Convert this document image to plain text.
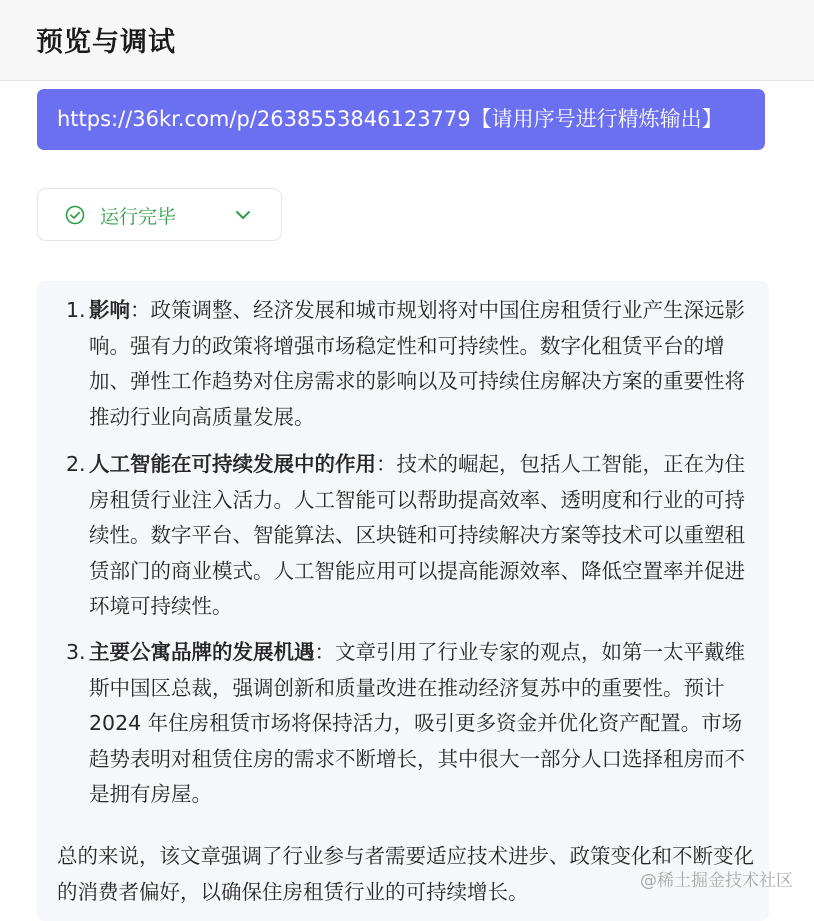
预览与调试
https://36kr.com/p/2638553846123779【请用序号进行精炼输出】
运行完毕
1. 影响：政策调整、经济发展和城市规划将对中国住房租赁行业产生深远影响。强有力的政策将增强市场稳定性和可持续性。数字化租赁平台的增加、弹性工作趋势对住房需求的影响以及可持续住房解决方案的重要性将推动行业向高质量发展。
2. 人工智能在可持续发展中的作用：技术的崛起，包括人工智能，正在为住房租赁行业注入活力。人工智能可以帮助提高效率、透明度和行业的可持续性。数字平台、智能算法、区块链和可持续解决方案等技术可以重塑租赁部门的商业模式。人工智能应用可以提高能源效率、降低空置率并促进环境可持续性。
3. 主要公寓品牌的发展机遇：文章引用了行业专家的观点，如第一太平戴维斯中国区总裁，强调创新和质量改进在推动经济复苏中的重要性。预计 2024 年住房租赁市场将保持活力，吸引更多资金并优化资产配置。市场趋势表明对租赁住房的需求不断增长，其中很大一部分人口选择租房而不是拥有房屋。
总的来说，该文章强调了行业参与者需要适应技术进步、政策变化和不断变化的消费者偏好，以确保住房租赁行业的可持续增长。	@稀土掘金技术社区
